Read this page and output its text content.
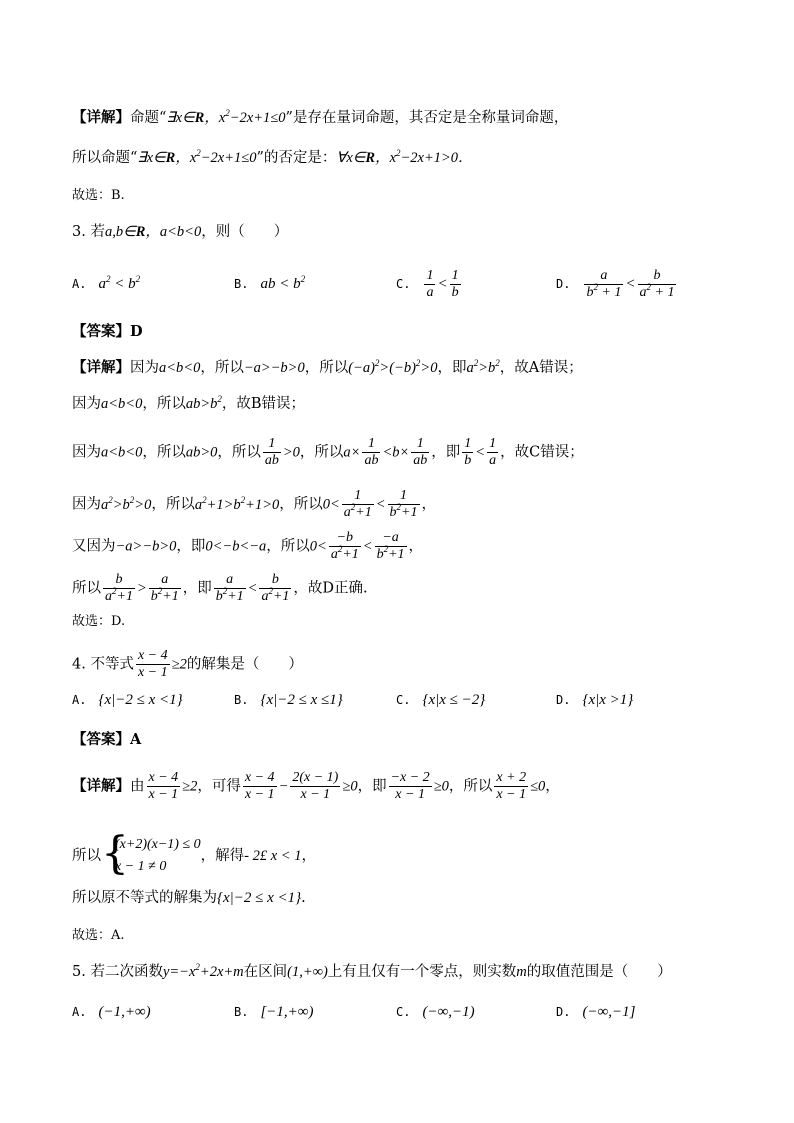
【详解】命题“∃x∈R，$x^2-2x+1\le 0$”是存在量词命题，其否定是全称量词命题，
所以命题“∃x∈R，$x^2-2x+1\le 0$”的否定是：∀x∈R，$x^2-2x+1>0$．
故选：B.
3. 若a,b∈R，a<b<0，则（　　）
A. $a^2 < b^2$	B. ab < $b^2$	C. $\frac{1}{a} < \frac{1}{b}$	D. $\frac{a}{b^2 + 1} < \frac{b}{a^2 + 1}$
【答案】D
【详解】因为a<b<0，所以−a>−b>0，所以$(-a)^2>(-b)^2>0$，即$a^2>b^2$，故A错误；
因为a<b<0，所以$ab>b^2$，故B错误；
因为a<b<0，所以ab>0，所以 $\frac{1}{ab} >0$，所以$a\times \frac{1}{ab} <b\times \frac{1}{ab}$ ，即 $\frac{1}{b} < \frac{1}{a}$ ，故C错误；
因为$a^2>b^2>0$，所以$a^2+1>b^2+1>0$，所以$0< \frac{1}{a^2+1} < \frac{1}{b^2+1}$ ，
又因为−a>−b>0，即0<−b<−a，所以$0< \frac{-b}{a^2+1} < \frac{-a}{b^2+1}$ ，
所以 $\frac{b}{a^2+1} > \frac{a}{b^2+1}$ ，即 $\frac{a}{b^2+1} < \frac{b}{a^2+1}$ ，故D正确.
故选：D.
4. 不等式 $\frac{x - 4}{x - 1} \ge 2$的解集是（　　）
A. {x|−2 ≤ x <1}	B. {x|−2 ≤ x ≤1}	C. {x|x ≤ −2}	D. {x|x >1}
【答案】A
【详解】由 $\frac{x - 4}{x - 1} \ge 2$，可得 $\frac{x - 4}{x - 1} - \frac{2(x - 1)}{x - 1} \ge 0$，即 $\frac{-x - 2}{x - 1} \ge 0$，所以 $\frac{x + 2}{x - 1} \le 0$，
所以 {
(x+2)(x−1) ≤ 0
x − 1 ≠ 0
，解得- 2£ x < 1，
所以原不等式的解集为{x|−2 ≤ x <1}.
故选：A.
5. 若二次函数$y=-x^2+2x+m$在区间(1,+∞)上有且仅有一个零点，则实数m的取值范围是（　　）
A. (−1,+∞)	B. [−1,+∞)	C. (−∞,−1)	D. (−∞,−1]
